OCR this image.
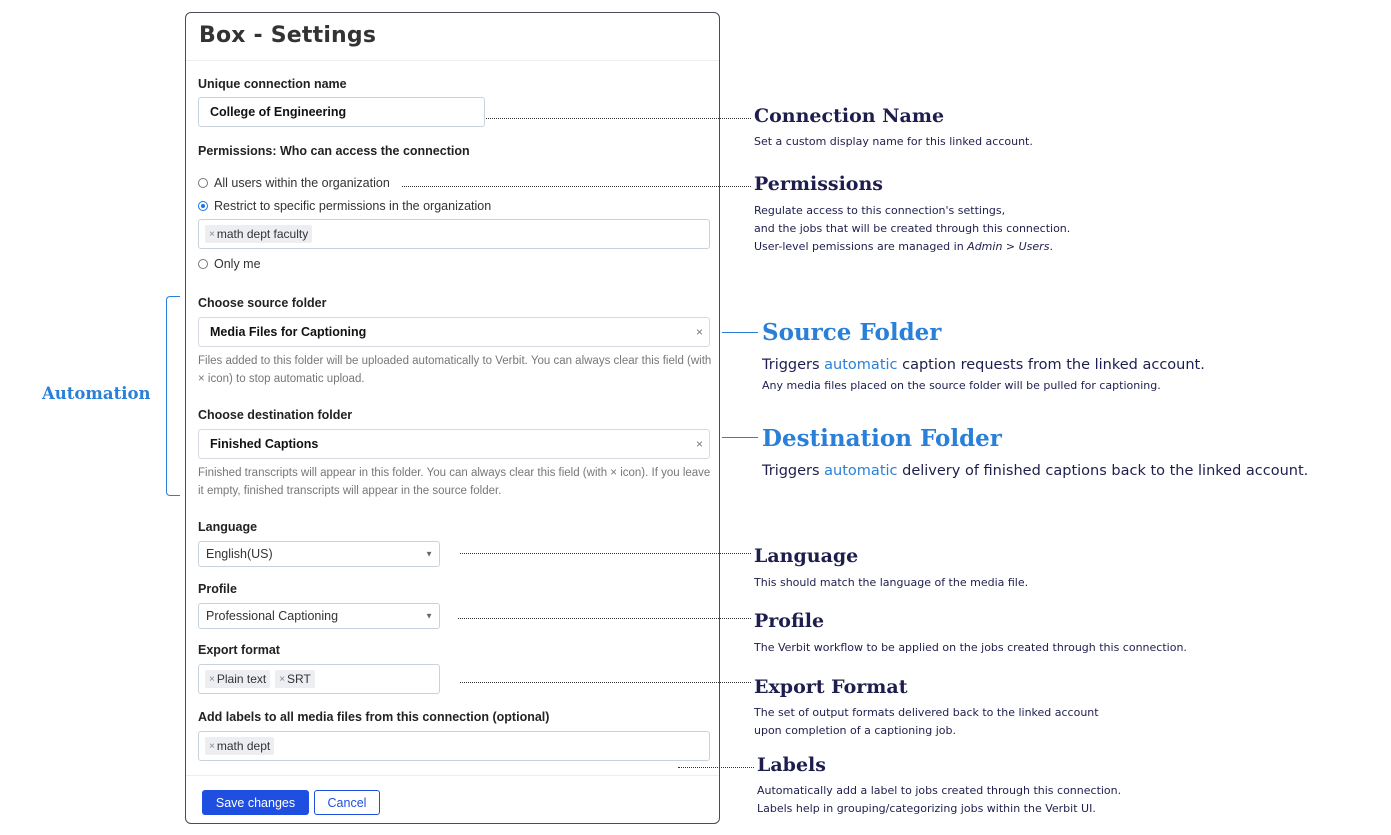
Box - Settings
Unique connection name
College of Engineering
Permissions: Who can access the connection
All users within the organization
Restrict to specific permissions in the organization
× math dept faculty
Only me
Choose source folder
Media Files for Captioning	×
Files added to this folder will be uploaded automatically to Verbit. You can always clear this field (with × icon) to stop automatic upload.
Choose destination folder
Finished Captions	×
Finished transcripts will appear in this folder. You can always clear this field (with × icon). If you leave it empty, finished transcripts will appear in the source folder.
Language
English(US)	▼
Profile
Professional Captioning	▼
Export format
× Plain text × SRT
Add labels to all media files from this connection (optional)
× math dept
Save changes	Cancel
Automation
Connection Name
Set a custom display name for this linked account.
Permissions
Regulate access to this connection's settings,
and the jobs that will be created through this connection.
User-level pemissions are managed in Admin > Users.
Source Folder
Triggers automatic caption requests from the linked account.
Any media files placed on the source folder will be pulled for captioning.
Destination Folder
Triggers automatic delivery of finished captions back to the linked account.
Language
This should match the language of the media file.
Profile
The Verbit workflow to be applied on the jobs created through this connection.
Export Format
The set of output formats delivered back to the linked account
upon completion of a captioning job.
Labels
Automatically add a label to jobs created through this connection.
Labels help in grouping/categorizing jobs within the Verbit UI.
